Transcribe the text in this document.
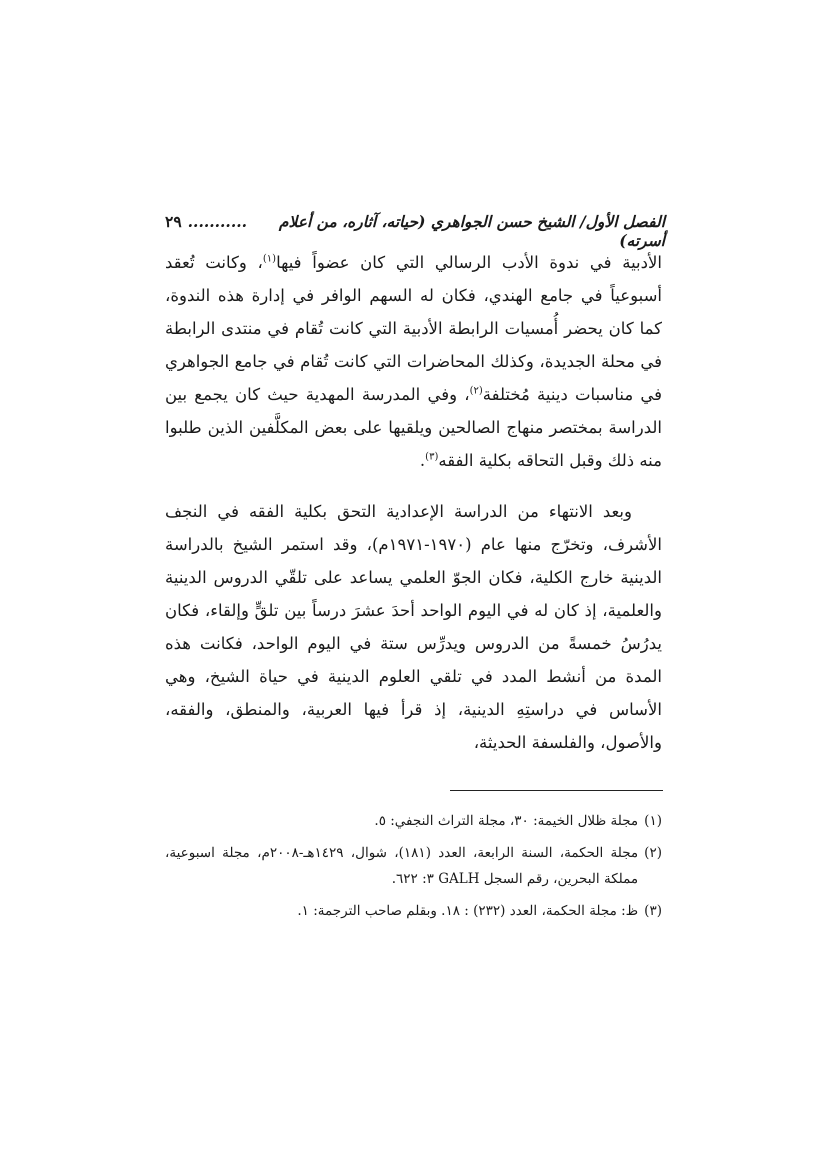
الفصل الأول/ الشيخ حسن الجواهري (حياته، آثاره، من أعلام أسرته)
...........
٢٩

الأدبية في ندوة الأدب الرسالي التي كان عضواً فيها$^{(١)}$، وكانت تُعقد أسبوعياً في جامع الهندي، فكان له السهم الوافر في إدارة هذه الندوة، كما كان يحضر أُمسيات الرابطة الأدبية التي كانت تُقام في منتدى الرابطة في محلة الجديدة، وكذلك المحاضرات التي كانت تُقام في جامع الجواهري في مناسبات دينية مُختلفة$^{(٢)}$، وفي المدرسة المهدية حيث كان يجمع بين الدراسة بمختصر منهاج الصالحين ويلقيها على بعض المكلَّفين الذين طلبوا منه ذلك وقبل التحاقه بكلية الفقه$^{(٣)}$.

وبعد الانتهاء من الدراسة الإعدادية التحق بكلية الفقه في النجف الأشرف، وتخرّج منها عام (١٩٧٠-١٩٧١م)، وقد استمر الشيخ بالدراسة الدينية خارج الكلية، فكان الجوّ العلمي يساعد على تلقّي الدروس الدينية والعلمية، إذ كان له في اليوم الواحد أحدَ عشرَ درساً بين تلقٍّ وإلقاء، فكان يدرُسُ خمسةً من الدروس ويدرِّس ستة في اليوم الواحد، فكانت هذه المدة من أنشط المدد في تلقي العلوم الدينية في حياة الشيخ، وهي الأساس في دراستِهِ الدينية، إذ قرأ فيها العربية، والمنطق، والفقه، والأصول، والفلسفة الحديثة،

(١)
مجلة ظلال الخيمة: ٣٠، مجلة التراث النجفي: ٥.
(٢)
مجلة الحكمة، السنة الرابعة، العدد (١٨١)، شوال، ١٤٢٩هـ-٢٠٠٨م، مجلة اسبوعية، مملكة البحرين، رقم السجل GALH ٣: ٦٢٢.
(٣)
ظ: مجلة الحكمة، العدد (٢٣٢) : ١٨. وبقلم صاحب الترجمة: ١.
